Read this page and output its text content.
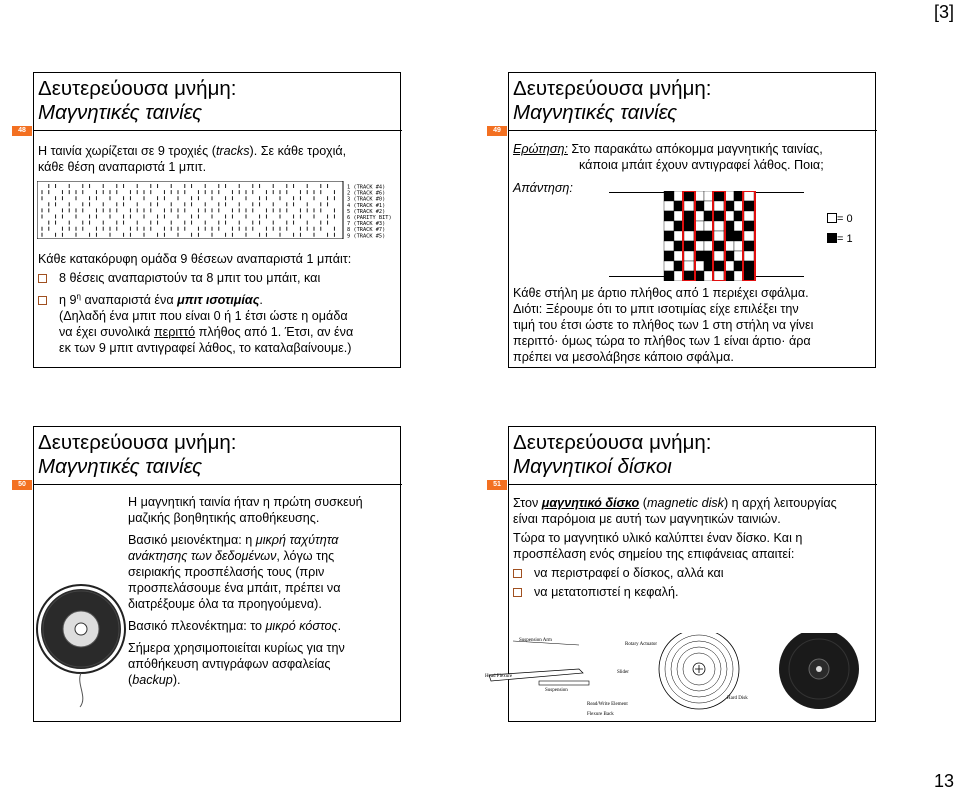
[3]
Δευτερεύουσα μνήμη:
Μαγνητικές ταινίες
48
Η ταινία χωρίζεται σε 9 τροχιές (tracks). Σε κάθε τροχιά,
κάθε θέση αναπαριστά 1 μπιτ.
1 (TRACK #4)
2 (TRACK #6)
3 (TRACK #0)
4 (TRACK #1)
5 (TRACK #2)
6 (PARITY BIT)
7 (TRACK #3)
8 (TRACK #7)
9 (TRACK #5)
Κάθε κατακόρυφη ομάδα 9 θέσεων αναπαριστά 1 μπάιτ:
8 θέσεις αναπαριστούν τα 8 μπιτ του μπάιτ, και
η $9^\eta$ αναπαριστά ένα μπιτ ισοτιμίας.
(Δηλαδή ένα μπιτ που είναι 0 ή 1 έτσι ώστε η ομάδα
να έχει συνολικά περιττό πλήθος από 1. Έτσι, αν ένα
εκ των 9 μπιτ αντιγραφεί λάθος, το καταλαβαίνουμε.)
Δευτερεύουσα μνήμη:
Μαγνητικές ταινίες
49
Ερώτηση: Στο παρακάτω απόκομμα μαγνητικής ταινίας,
κάποια μπάιτ έχουν αντιγραφεί λάθος. Ποια;
Απάντηση:
= 0
= 1
Κάθε στήλη με άρτιο πλήθος από 1 περιέχει σφάλμα.
Διότι: Ξέρουμε ότι το μπιτ ισοτιμίας είχε επιλέξει την
τιμή του έτσι ώστε το πλήθος των 1 στη στήλη να γίνει
περιττό· όμως τώρα το πλήθος των 1 είναι άρτιο· άρα
πρέπει να μεσολάβησε κάποιο σφάλμα.
Δευτερεύουσα μνήμη:
Μαγνητικές ταινίες
50
Η μαγνητική ταινία ήταν η πρώτη συσκευή
μαζικής βοηθητικής αποθήκευσης.
Βασικό μειονέκτημα: η μικρή ταχύτητα
ανάκτησης των δεδομένων, λόγω της
σειριακής προσπέλασής τους (πριν
προσπελάσουμε ένα μπάιτ, πρέπει να
διατρέξουμε όλα τα προηγούμενα).
Βασικό πλεονέκτημα: το μικρό κόστος.
Σήμερα χρησιμοποιείται κυρίως για την
απόθήκευση αντιγράφων ασφαλείας
(backup).
Δευτερεύουσα μνήμη:
Μαγνητικοί δίσκοι
51
Στον μαγνητικό δίσκο (magnetic disk) η αρχή λειτουργίας
είναι παρόμοια με αυτή των μαγνητικών ταινιών.
Τώρα το μαγνητικό υλικό καλύπτει έναν δίσκο. Και η
προσπέλαση ενός σημείου της επιφάνειας απαιτεί:
να περιστραφεί ο δίσκος, αλλά και
να μετατοπιστεί η κεφαλή.
Suspension Arm
Slider
Head Flexure
Suspension
Read/Write Element
Flexure Back
Rotary Actuator
Hard Disk
13
